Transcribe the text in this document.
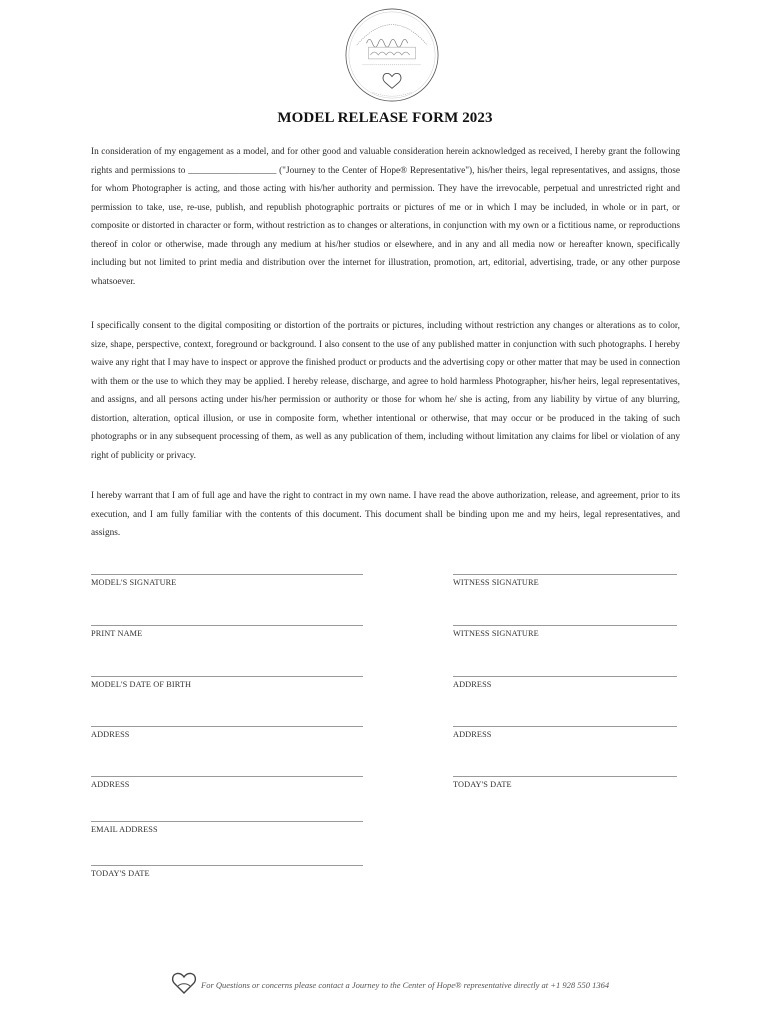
MODEL RELEASE FORM 2023

In consideration of my engagement as a model, and for other good and valuable consideration herein acknowledged as received, I hereby grant the following rights and permissions to ___________________ ("Journey to the Center of Hope® Representative"), his/her theirs, legal representatives, and assigns, those for whom Photographer is acting, and those acting with his/her authority and permission. They have the irrevocable, perpetual and unrestricted right and permission to take, use, re-use, publish, and republish photographic portraits or pictures of me or in which I may be included, in whole or in part, or composite or distorted in character or form, without restriction as to changes or alterations, in conjunction with my own or a fictitious name, or reproductions thereof in color or otherwise, made through any medium at his/her studios or elsewhere, and in any and all media now or hereafter known, specifically including but not limited to print media and distribution over the internet for illustration, promotion, art, editorial, advertising, trade, or any other purpose whatsoever.

I specifically consent to the digital compositing or distortion of the portraits or pictures, including without restriction any changes or alterations as to color, size, shape, perspective, context, foreground or background. I also consent to the use of any published matter in conjunction with such photographs. I hereby waive any right that I may have to inspect or approve the finished product or products and the advertising copy or other matter that may be used in connection with them or the use to which they may be applied. I hereby release, discharge, and agree to hold harmless Photographer, his/her heirs, legal representatives, and assigns, and all persons acting under his/her permission or authority or those for whom he/ she is acting, from any liability by virtue of any blurring, distortion, alteration, optical illusion, or use in composite form, whether intentional or otherwise, that may occur or be produced in the taking of such photographs or in any subsequent processing of them, as well as any publication of them, including without limitation any claims for libel or violation of any right of publicity or privacy.

I hereby warrant that I am of full age and have the right to contract in my own name. I have read the above authorization, release, and agreement, prior to its execution, and I am fully familiar with the contents of this document. This document shall be binding upon me and my heirs, legal representatives, and assigns.

MODEL'S SIGNATURE
PRINT NAME
MODEL'S DATE OF BIRTH
ADDRESS
ADDRESS
EMAIL ADDRESS
TODAY'S DATE
WITNESS SIGNATURE
WITNESS SIGNATURE
ADDRESS
ADDRESS
TODAY'S DATE
For Questions or concerns please contact a Journey to the Center of Hope® representative directly at +1 928 550 1364
